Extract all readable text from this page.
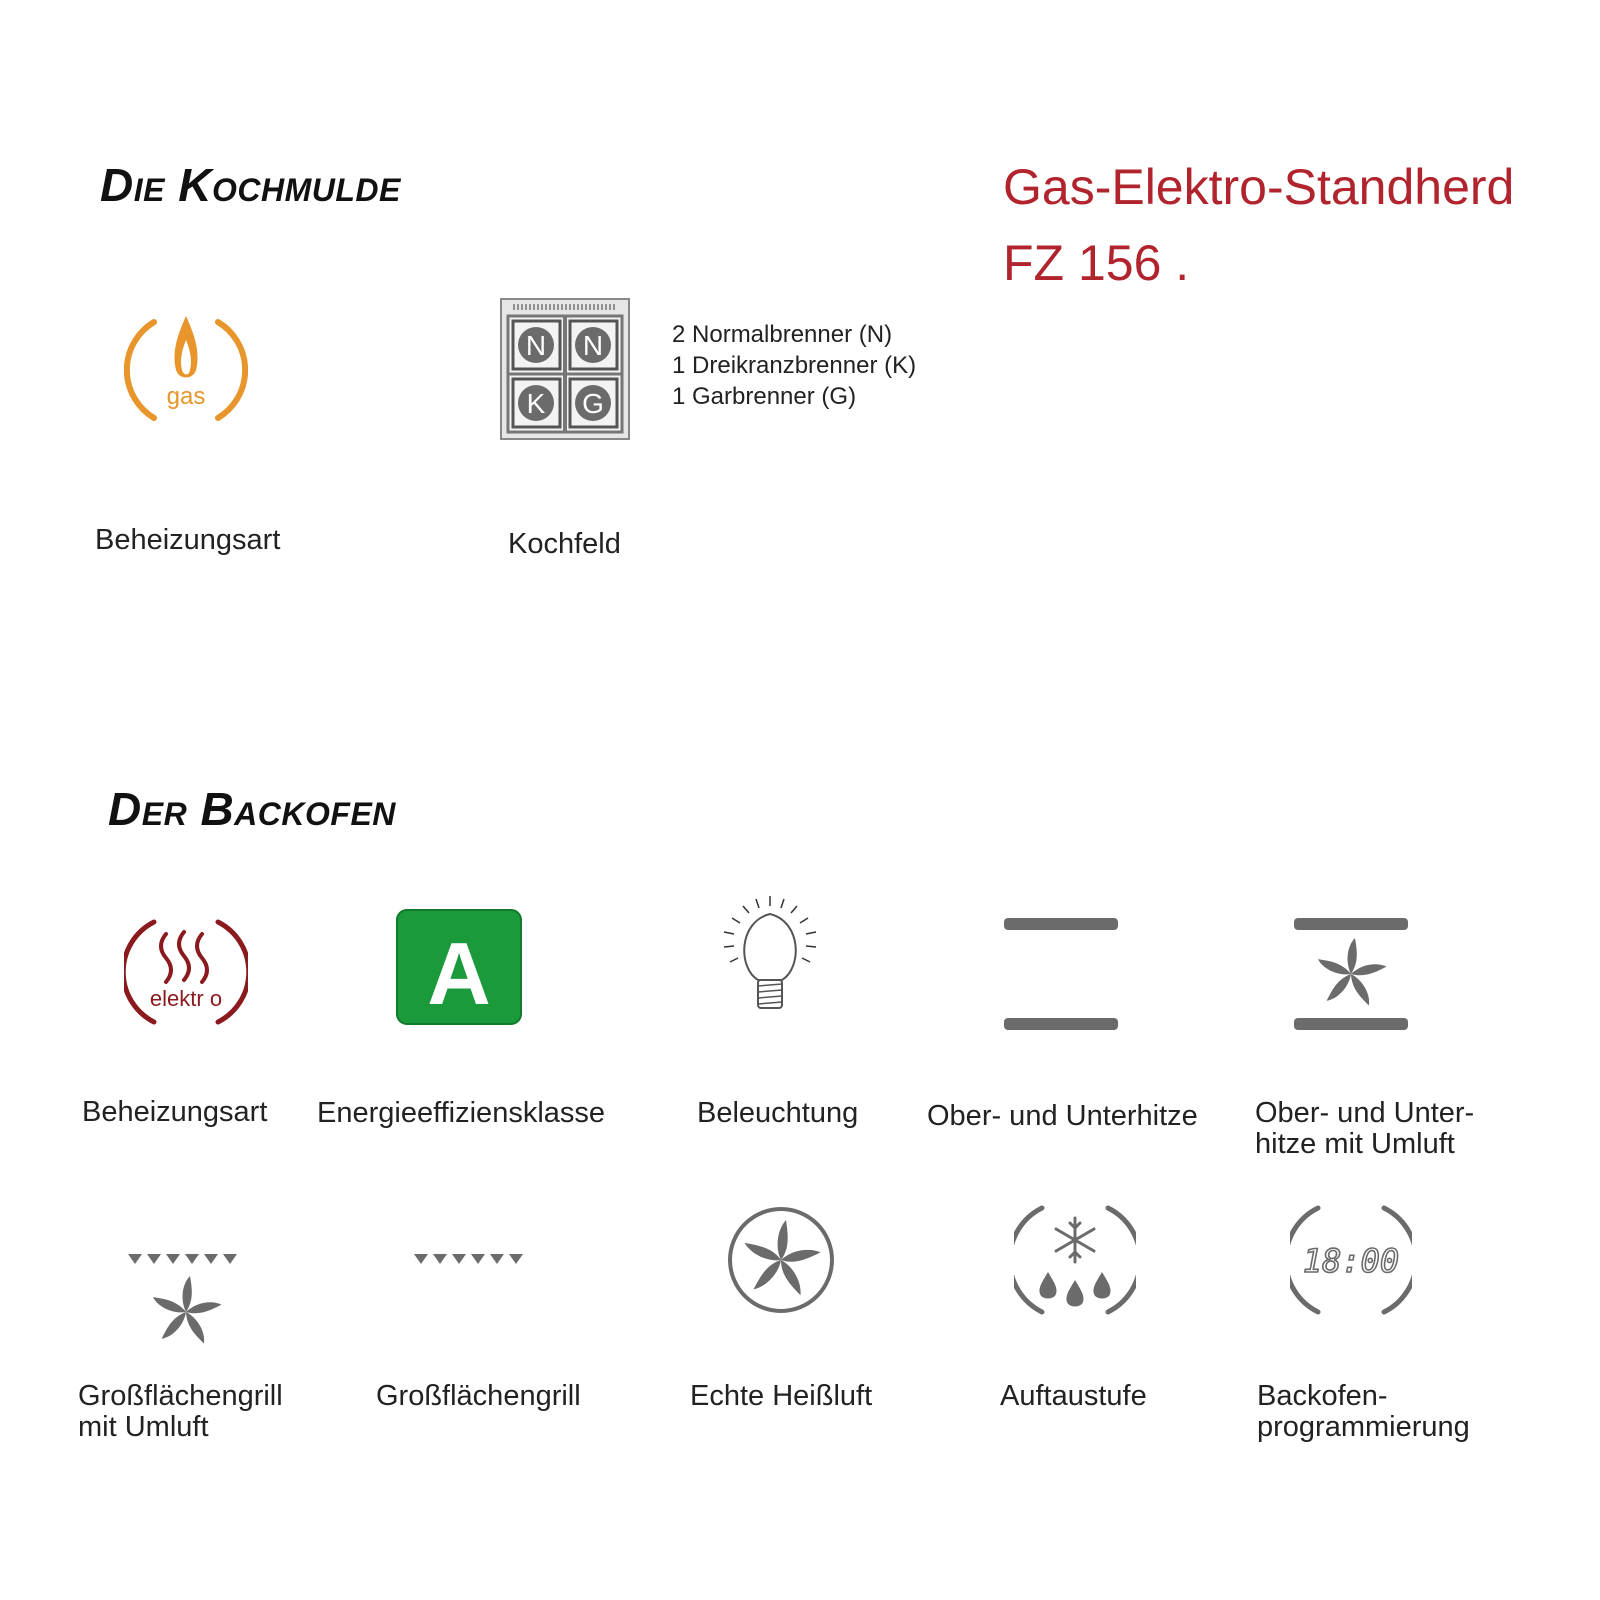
Die Kochmulde
Der Backofen
Gas-Elektro-Standherd
FZ 156 .
gas
Beheizungsart
N N
K G
2 Normalbrenner (N)
1 Dreikranzbrenner (K)
1 Garbrenner (G)
Kochfeld
elektr o
Beheizungsart
A
Energieeffiziensklasse	Beleuchtung Ober- und Unterhitze Ober- und Unter-
hitze mit Umluft
Großflächengrill
mit Umluft
Großflächengrill	Echte Heißluft	Auftaustufe
18:00
Backofen-
programmierung
